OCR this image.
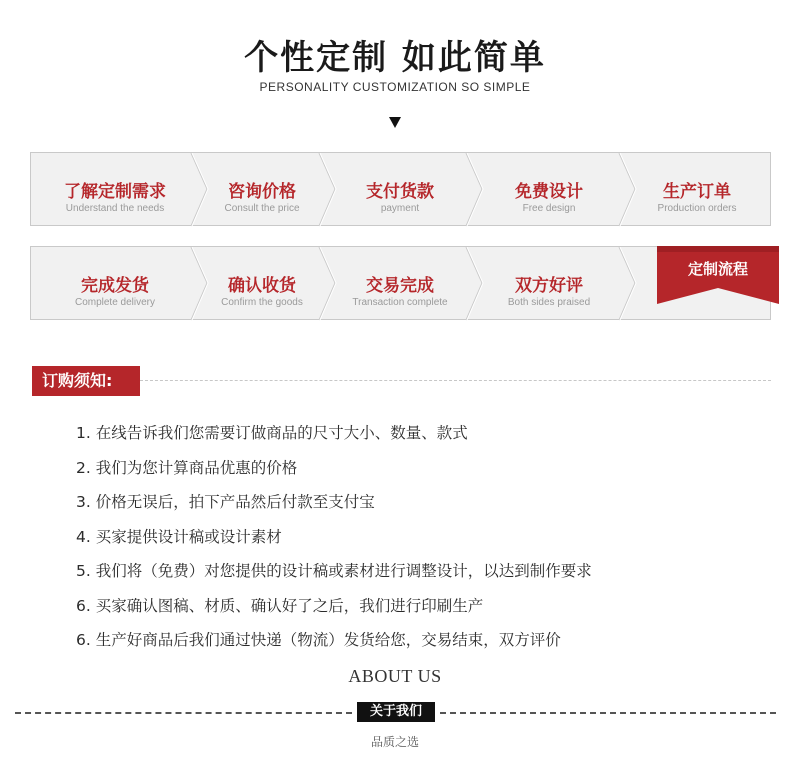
个性定制 如此简单
PERSONALITY CUSTOMIZATION SO SIMPLE
了解定制需求
Understand the needs
咨询价格
Consult the price
支付货款
payment
免费设计
Free design
生产订单
Production orders
完成发货
Complete delivery
确认收货
Confirm the goods
交易完成
Transaction complete
双方好评
Both sides praised
定制流程
订购须知:
1. 在线告诉我们您需要订做商品的尺寸大小、数量、款式
2. 我们为您计算商品优惠的价格
3. 价格无误后，拍下产品然后付款至支付宝
4. 买家提供设计稿或设计素材
5. 我们将（免费）对您提供的设计稿或素材进行调整设计，以达到制作要求
6. 买家确认图稿、材质、确认好了之后，我们进行印刷生产
6. 生产好商品后我们通过快递（物流）发货给您，交易结束，双方评价
ABOUT US
关于我们
品质之选
